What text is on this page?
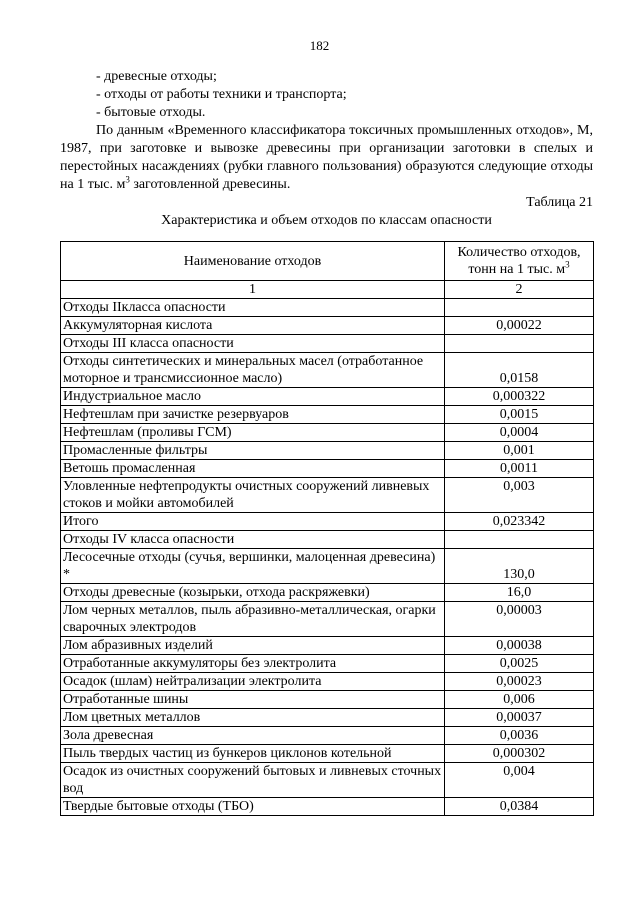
182

- древесные отходы;

- отходы от работы техники и транспорта;

- бытовые отходы.

По данным «Временного классификатора токсичных промышленных отходов», М, 1987, при заготовке и вывозке древесины при организации заготовки в спелых и перестойных насаждениях (рубки главного пользования) образуются следующие отходы на 1 тыс. $м^3$ заготовленной древесины.

Таблица 21

Характеристика и объем отходов по классам опасности

Наименование отходов	Количество отходов,
тонн на 1 тыс. $м^3$
1	2
Отходы IIкласса опасности	
Аккумуляторная кислота	0,00022
Отходы III класса опасности	
Отходы синтетических и минеральных масел (отработанное моторное и трансмиссионное масло)	0,0158
Индустриальное масло	0,000322
Нефтешлам при зачистке резервуаров	0,0015
Нефтешлам (проливы ГСМ)	0,0004
Промасленные фильтры	0,001
Ветошь промасленная	0,0011
Уловленные нефтепродукты очистных сооружений ливневых стоков и мойки автомобилей	0,003
Итого	0,023342
Отходы IV класса опасности	
Лесосечные отходы (сучья, вершинки, малоценная древесина) *	130,0
Отходы древесные (козырьки, отхода раскряжевки)	16,0
Лом черных металлов, пыль абразивно-металлическая, огарки сварочных электродов	0,00003
Лом абразивных изделий	0,00038
Отработанные аккумуляторы без электролита	0,0025
Осадок (шлам) нейтрализации электролита	0,00023
Отработанные шины	0,006
Лом цветных металлов	0,00037
Зола древесная	0,0036
Пыль твердых частиц из бункеров циклонов котельной	0,000302
Осадок из очистных сооружений бытовых и ливневых сточных вод	0,004
Твердые бытовые отходы (ТБО)	0,0384
